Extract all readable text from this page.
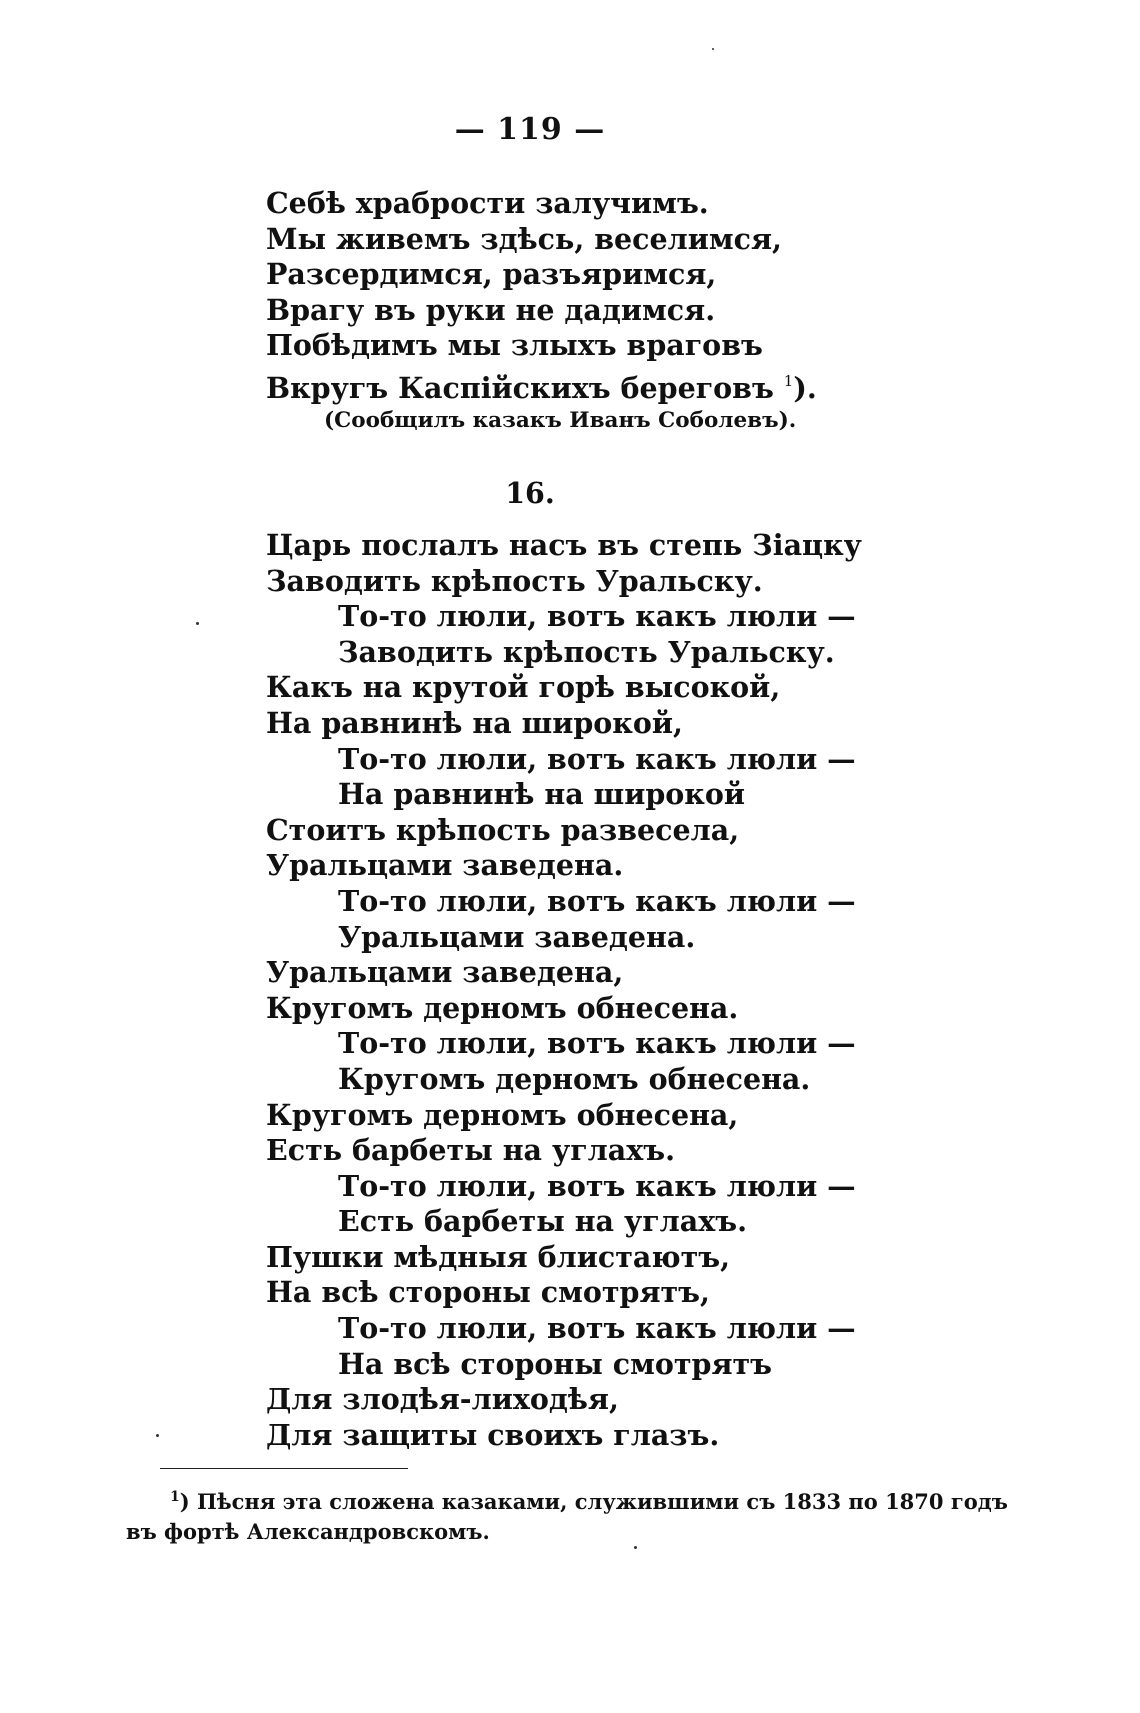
— 119 —
Себѣ храбрости залучимъ.
Мы живемъ здѣсь, веселимся,
Разсердимся, разъяримся,
Врагу въ руки не дадимся.
Побѣдимъ мы злыхъ враговъ
Вкругъ Каспiйскихъ береговъ $^1$).
(Сообщилъ казакъ Иванъ Соболевъ).
16.
Царь послалъ насъ въ степь Зiацку
Заводить крѣпость Уральску.
То-то люли, вотъ какъ люли —
Заводить крѣпость Уральску.
Какъ на крутой горѣ высокой,
На равнинѣ на широкой,
То-то люли, вотъ какъ люли —
На равнинѣ на широкой
Стоитъ крѣпость развесела,
Уральцами заведена.
То-то люли, вотъ какъ люли —
Уральцами заведена.
Уральцами заведена,
Кругомъ дерномъ обнесена.
То-то люли, вотъ какъ люли —
Кругомъ дерномъ обнесена.
Кругомъ дерномъ обнесена,
Есть барбеты на углахъ.
То-то люли, вотъ какъ люли —
Есть барбеты на углахъ.
Пушки мѣдныя блистаютъ,
На всѣ стороны смотрятъ,
То-то люли, вотъ какъ люли —
На всѣ стороны смотрятъ
Для злодѣя-лиходѣя,
Для защиты своихъ глазъ.
$^1$) Пѣсня эта сложена казаками, служившими съ 1833 по 1870 годъ
въ фортѣ Александровскомъ.
